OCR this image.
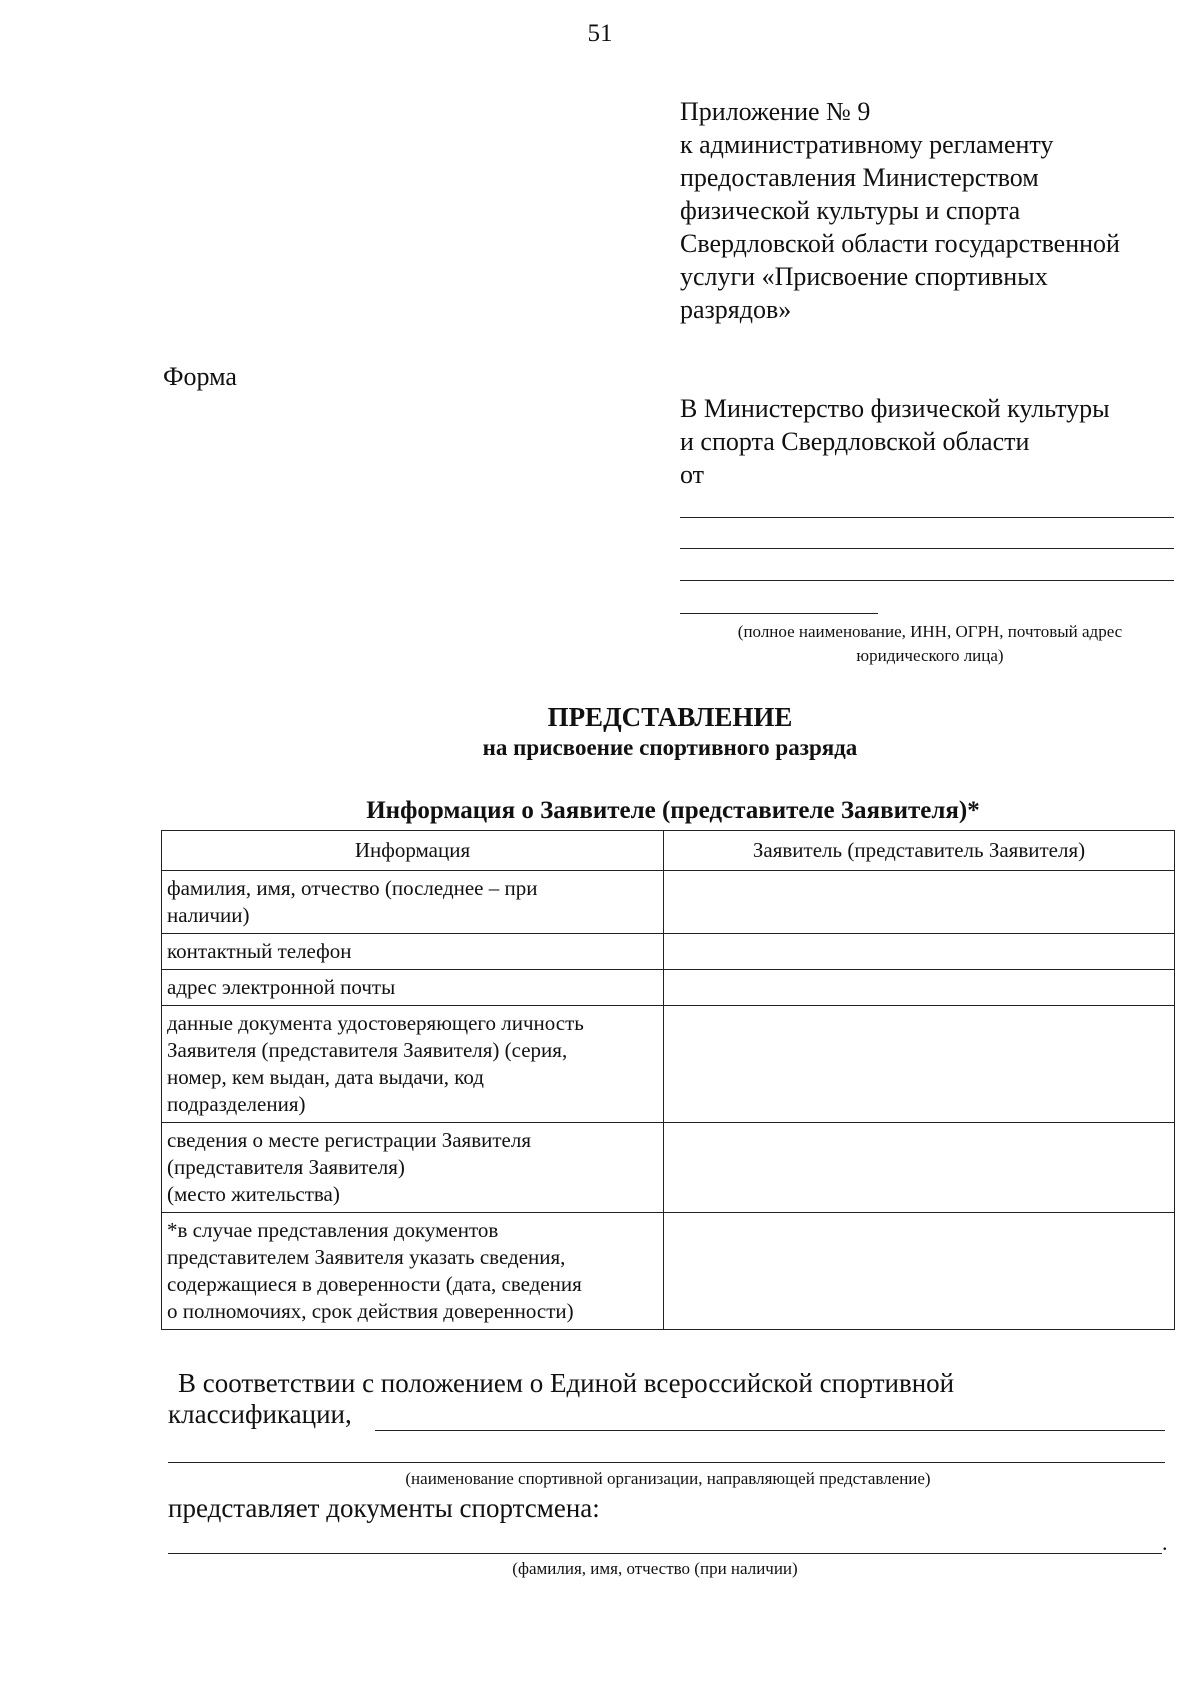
51
Приложение № 9
к административному регламенту
предоставления Министерством
физической культуры и спорта
Свердловской области государственной
услуги «Присвоение спортивных
разрядов»
Форма
В Министерство физической культуры
и спорта Свердловской области
от
(полное наименование, ИНН, ОГРН, почтовый адрес
юридического лица)
ПРЕДСТАВЛЕНИЕ
на присвоение спортивного разряда
Информация о Заявителе (представителе Заявителя)*
Информация	Заявитель (представитель Заявителя)

фамилия, имя, отчество (последнее – при
наличии)	

контактный телефон	

адрес электронной почты	

данные документа удостоверяющего личность
Заявителя (представителя Заявителя) (серия,
номер, кем выдан, дата выдачи, код
подразделения)	

сведения о месте регистрации Заявителя
(представителя Заявителя)
(место жительства)	

*в случае представления документов
представителем Заявителя указать сведения,
содержащиеся в доверенности (дата, сведения
о полномочиях, срок действия доверенности)	

В соответствии с положением о Единой всероссийской спортивной
классификации,
(наименование спортивной организации, направляющей представление)
представляет документы спортсмена:
.
(фамилия, имя, отчество (при наличии)
